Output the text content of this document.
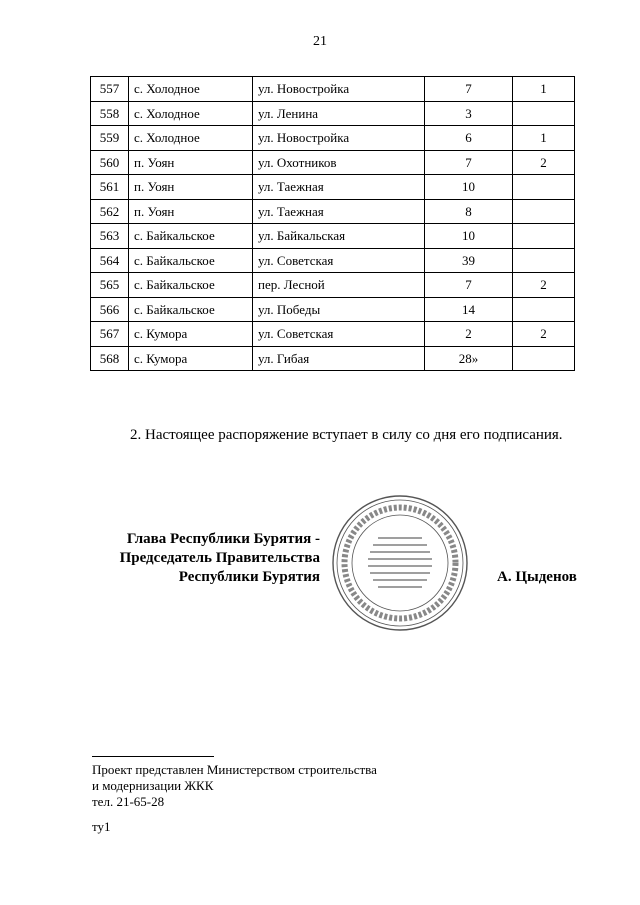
21
557	с. Холодное	ул. Новостройка	7	1
558	с. Холодное	ул. Ленина	3	
559	с. Холодное	ул. Новостройка	6	1
560	п. Уоян	ул. Охотников	7	2
561	п. Уоян	ул. Таежная	10	
562	п. Уоян	ул. Таежная	8	
563	с. Байкальское	ул. Байкальская	10	
564	с. Байкальское	ул. Советская	39	
565	с. Байкальское	пер. Лесной	7	2
566	с. Байкальское	ул. Победы	14	
567	с. Кумора	ул. Советская	2	2
568	с. Кумора	ул. Гибая	28»	
2. Настоящее распоряжение вступает в силу со дня его подписания.
Глава Республики Бурятия -
Председатель Правительства
Республики Бурятия	А. Цыденов
Проект представлен Министерством строительства
и модернизации ЖКК
тел. 21-65-28
ту1
